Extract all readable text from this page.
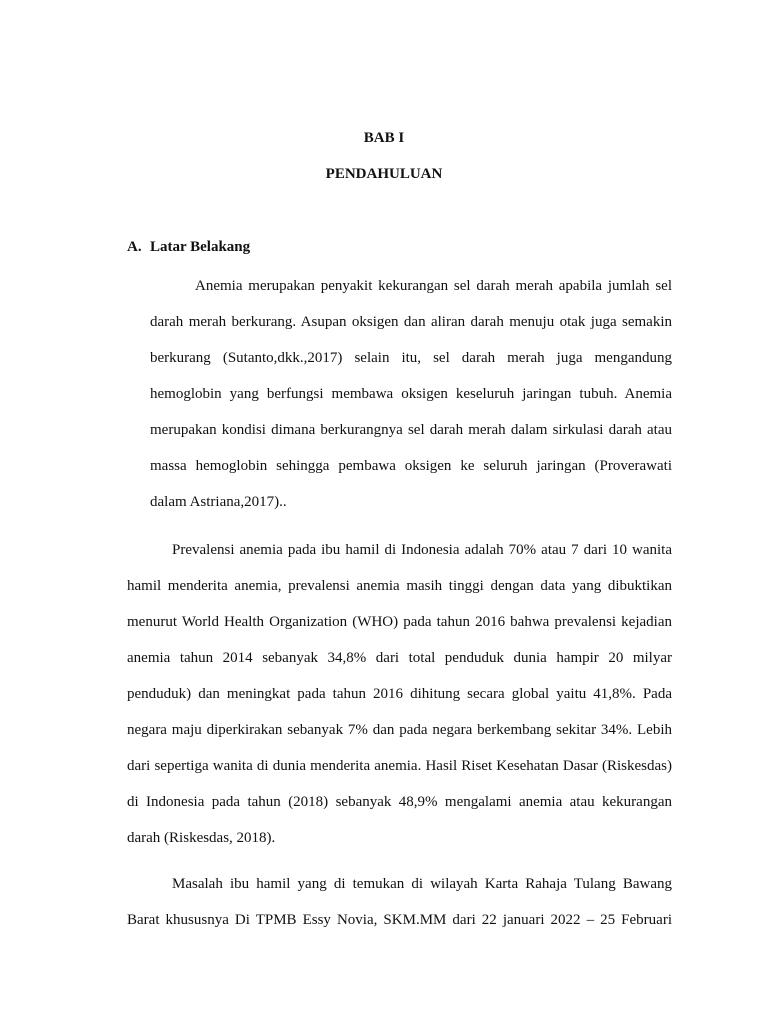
BAB I
PENDAHULUAN
A. Latar Belakang
Anemia merupakan penyakit kekurangan sel darah merah apabila jumlah sel
darah merah berkurang. Asupan oksigen dan aliran darah menuju otak juga semakin
berkurang (Sutanto,dkk.,2017) selain itu, sel darah merah juga mengandung
hemoglobin yang berfungsi membawa oksigen keseluruh jaringan tubuh. Anemia
merupakan kondisi dimana berkurangnya sel darah merah dalam sirkulasi darah atau
massa hemoglobin sehingga pembawa oksigen ke seluruh jaringan (Proverawati
dalam Astriana,2017)..
Prevalensi anemia pada ibu hamil di Indonesia adalah 70% atau 7 dari 10 wanita
hamil menderita anemia, prevalensi anemia masih tinggi dengan data yang dibuktikan
menurut World Health Organization (WHO) pada tahun 2016 bahwa prevalensi kejadian
anemia tahun 2014 sebanyak 34,8% dari total penduduk dunia hampir 20 milyar
penduduk) dan meningkat pada tahun 2016 dihitung secara global yaitu 41,8%. Pada
negara maju diperkirakan sebanyak 7% dan pada negara berkembang sekitar 34%. Lebih
dari sepertiga wanita di dunia menderita anemia. Hasil Riset Kesehatan Dasar (Riskesdas)
di Indonesia pada tahun (2018) sebanyak 48,9% mengalami anemia atau kekurangan
darah (Riskesdas, 2018).
Masalah ibu hamil yang di temukan di wilayah Karta Rahaja Tulang Bawang
Barat khususnya Di TPMB Essy Novia, SKM.MM dari 22 januari 2022 – 25 Februari
